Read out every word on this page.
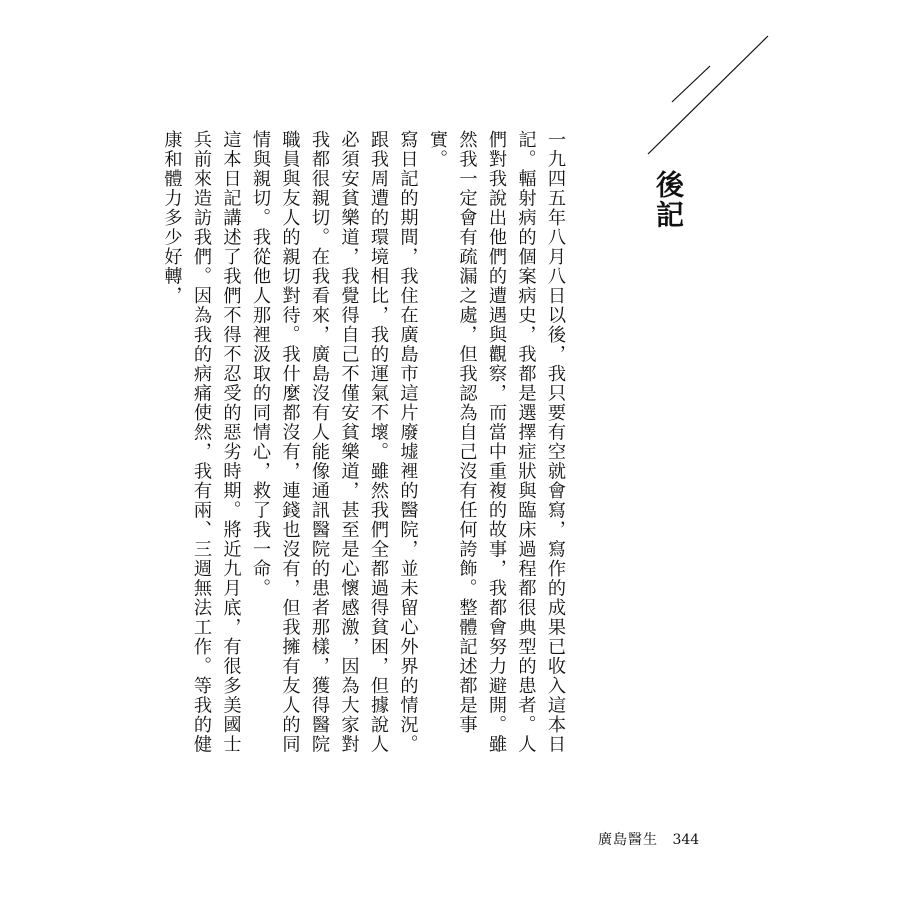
後記

一九四五年八月八日以後，我只要有空就會寫，寫作的成果已收入這本日記。輻射病的個案病史，我都是選擇症狀與臨床過程都很典型的患者。人們對我說出他們的遭遇與觀察，而當中重複的故事，我都會努力避開。雖然我一定會有疏漏之處，但我認為自己沒有任何誇飾。整體記述都是事實。

寫日記的期間，我住在廣島市這片廢墟裡的醫院，並未留心外界的情況。跟我周遭的環境相比，我的運氣不壞。雖然我們全都過得貧困，但據說人必須安貧樂道，我覺得自己不僅安貧樂道，甚至是心懷感激，因為大家對我都很親切。在我看來，廣島沒有人能像通訊醫院的患者那樣，獲得醫院職員與友人的親切對待。我什麼都沒有，連錢也沒有，但我擁有友人的同情與親切。我從他人那裡汲取的同情心，救了我一命。

這本日記講述了我們不得不忍受的惡劣時期。將近九月底，有很多美國士兵前來造訪我們。因為我的病痛使然，我有兩、三週無法工作。等我的健康和體力多少好轉，

廣島醫生 344
